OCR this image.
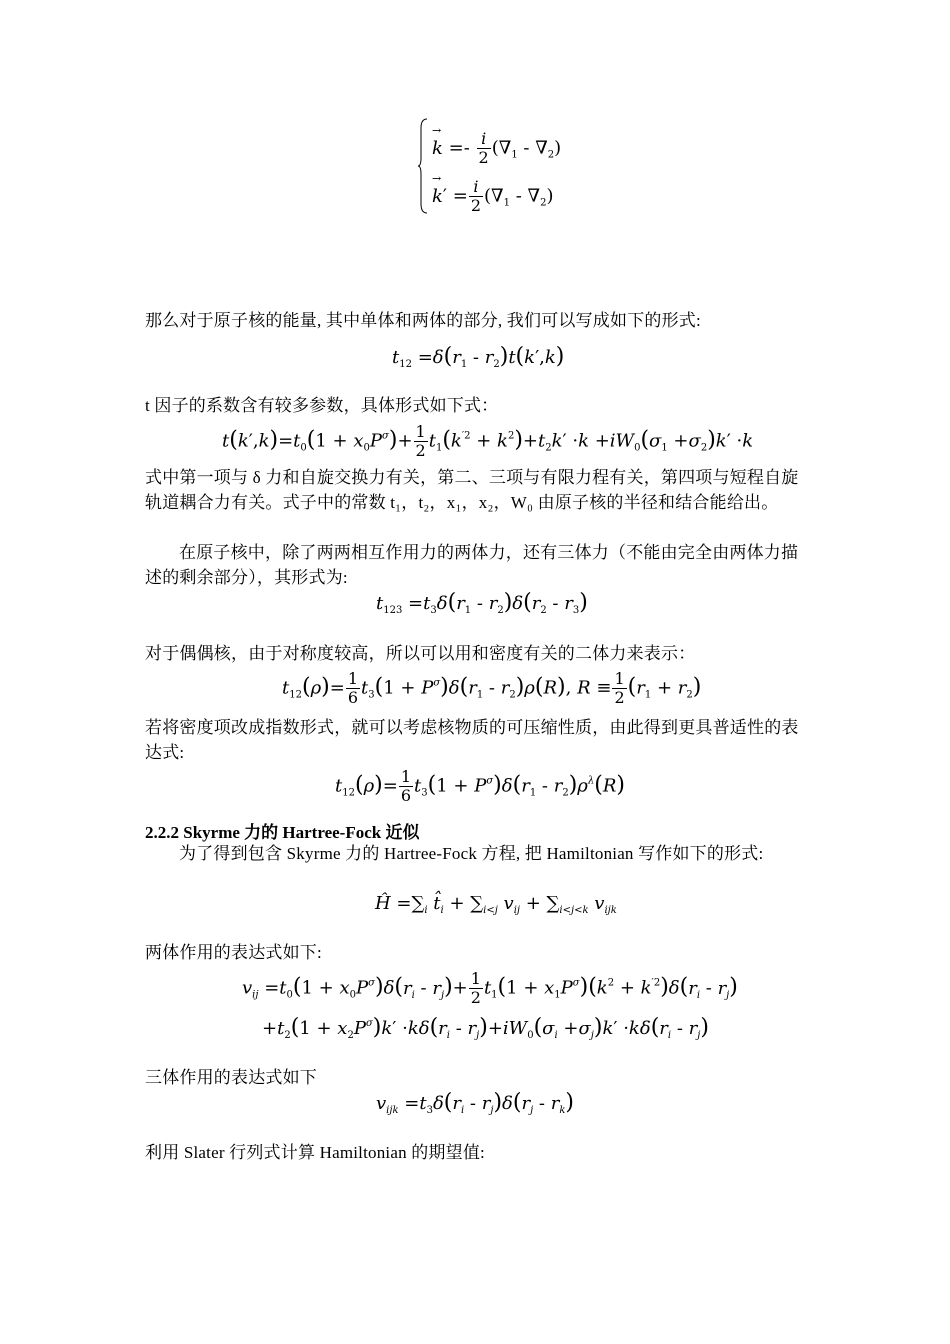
→ $k =- \frac{i}{2} (\nabla_1 - \nabla_2)$
→ $k' = \frac{i}{2} (\nabla_1 - \nabla_2)$

那么对于原子核的能量, 其中单体和两体的部分, 我们可以写成如下的形式:

$t_{12} =\delta(r_1 - r_2)t(k',k)$

t 因子的系数含有较多参数，具体形式如下式：

$t(k',k)=t_0(1 + x_0P^\sigma)+ \frac{1}{2} t_1(k^{'2} + k^2)+t_2k' \cdot k +iW_0(\sigma_1 +\sigma_2)k' \cdot k$

式中第一项与 δ 力和自旋交换力有关，第二、三项与有限力程有关，第四项与短程自旋轨道耦合力有关。式子中的常数 t₁，t₂，x₁，x₂，W₀ 由原子核的半径和结合能给出。

在原子核中，除了两两相互作用力的两体力，还有三体力（不能由完全由两体力描述的剩余部分），其形式为:

$t_{123} =t_3\delta(r_1 - r_2)\delta(r_2 - r_3)$

对于偶偶核，由于对称度较高，所以可以用和密度有关的二体力来表示：

$t_{12}(\rho)= \frac{1}{6} t_3(1 + P^\sigma)\delta(r_1 - r_2)\rho(R)$, $R \equiv \frac{1}{2} (r_1 + r_2)$

若将密度项改成指数形式，就可以考虑核物质的可压缩性质，由此得到更具普适性的表达式:

$t_{12}(\rho)= \frac{1}{6} t_3(1 + P^\sigma)\delta(r_1 - r_2)\rho^\lambda(R)$
2.2.2 Skyrme 力的 Hartree-Fock 近似

为了得到包含 Skyrme 力的 Hartree-Fock 方程, 把 Hamiltonian 写作如下的形式:

Ĥ $=\sum_i$ $t̂_i + \sum_{i<j}$ $v_{ij} + \sum_{i<j<k}$ $v_{ijk}$

两体作用的表达式如下:

$v_{ij} =t_0(1 + x_0P^\sigma)\delta(r_i - r_j)+ \frac{1}{2} t_1(1 + x_1P^\sigma)(k^2 + k^{'2})\delta(r_i - r_j)$
$+t_2(1 + x_2P^\sigma)k' \cdot k\delta(r_i - r_j)+iW_0(\sigma_i +\sigma_j)k' \cdot k\delta(r_i - r_j)$

三体作用的表达式如下

$v_{ijk} =t_3\delta(r_i - r_j)\delta(r_j - r_k)$

利用 Slater 行列式计算 Hamiltonian 的期望值:
